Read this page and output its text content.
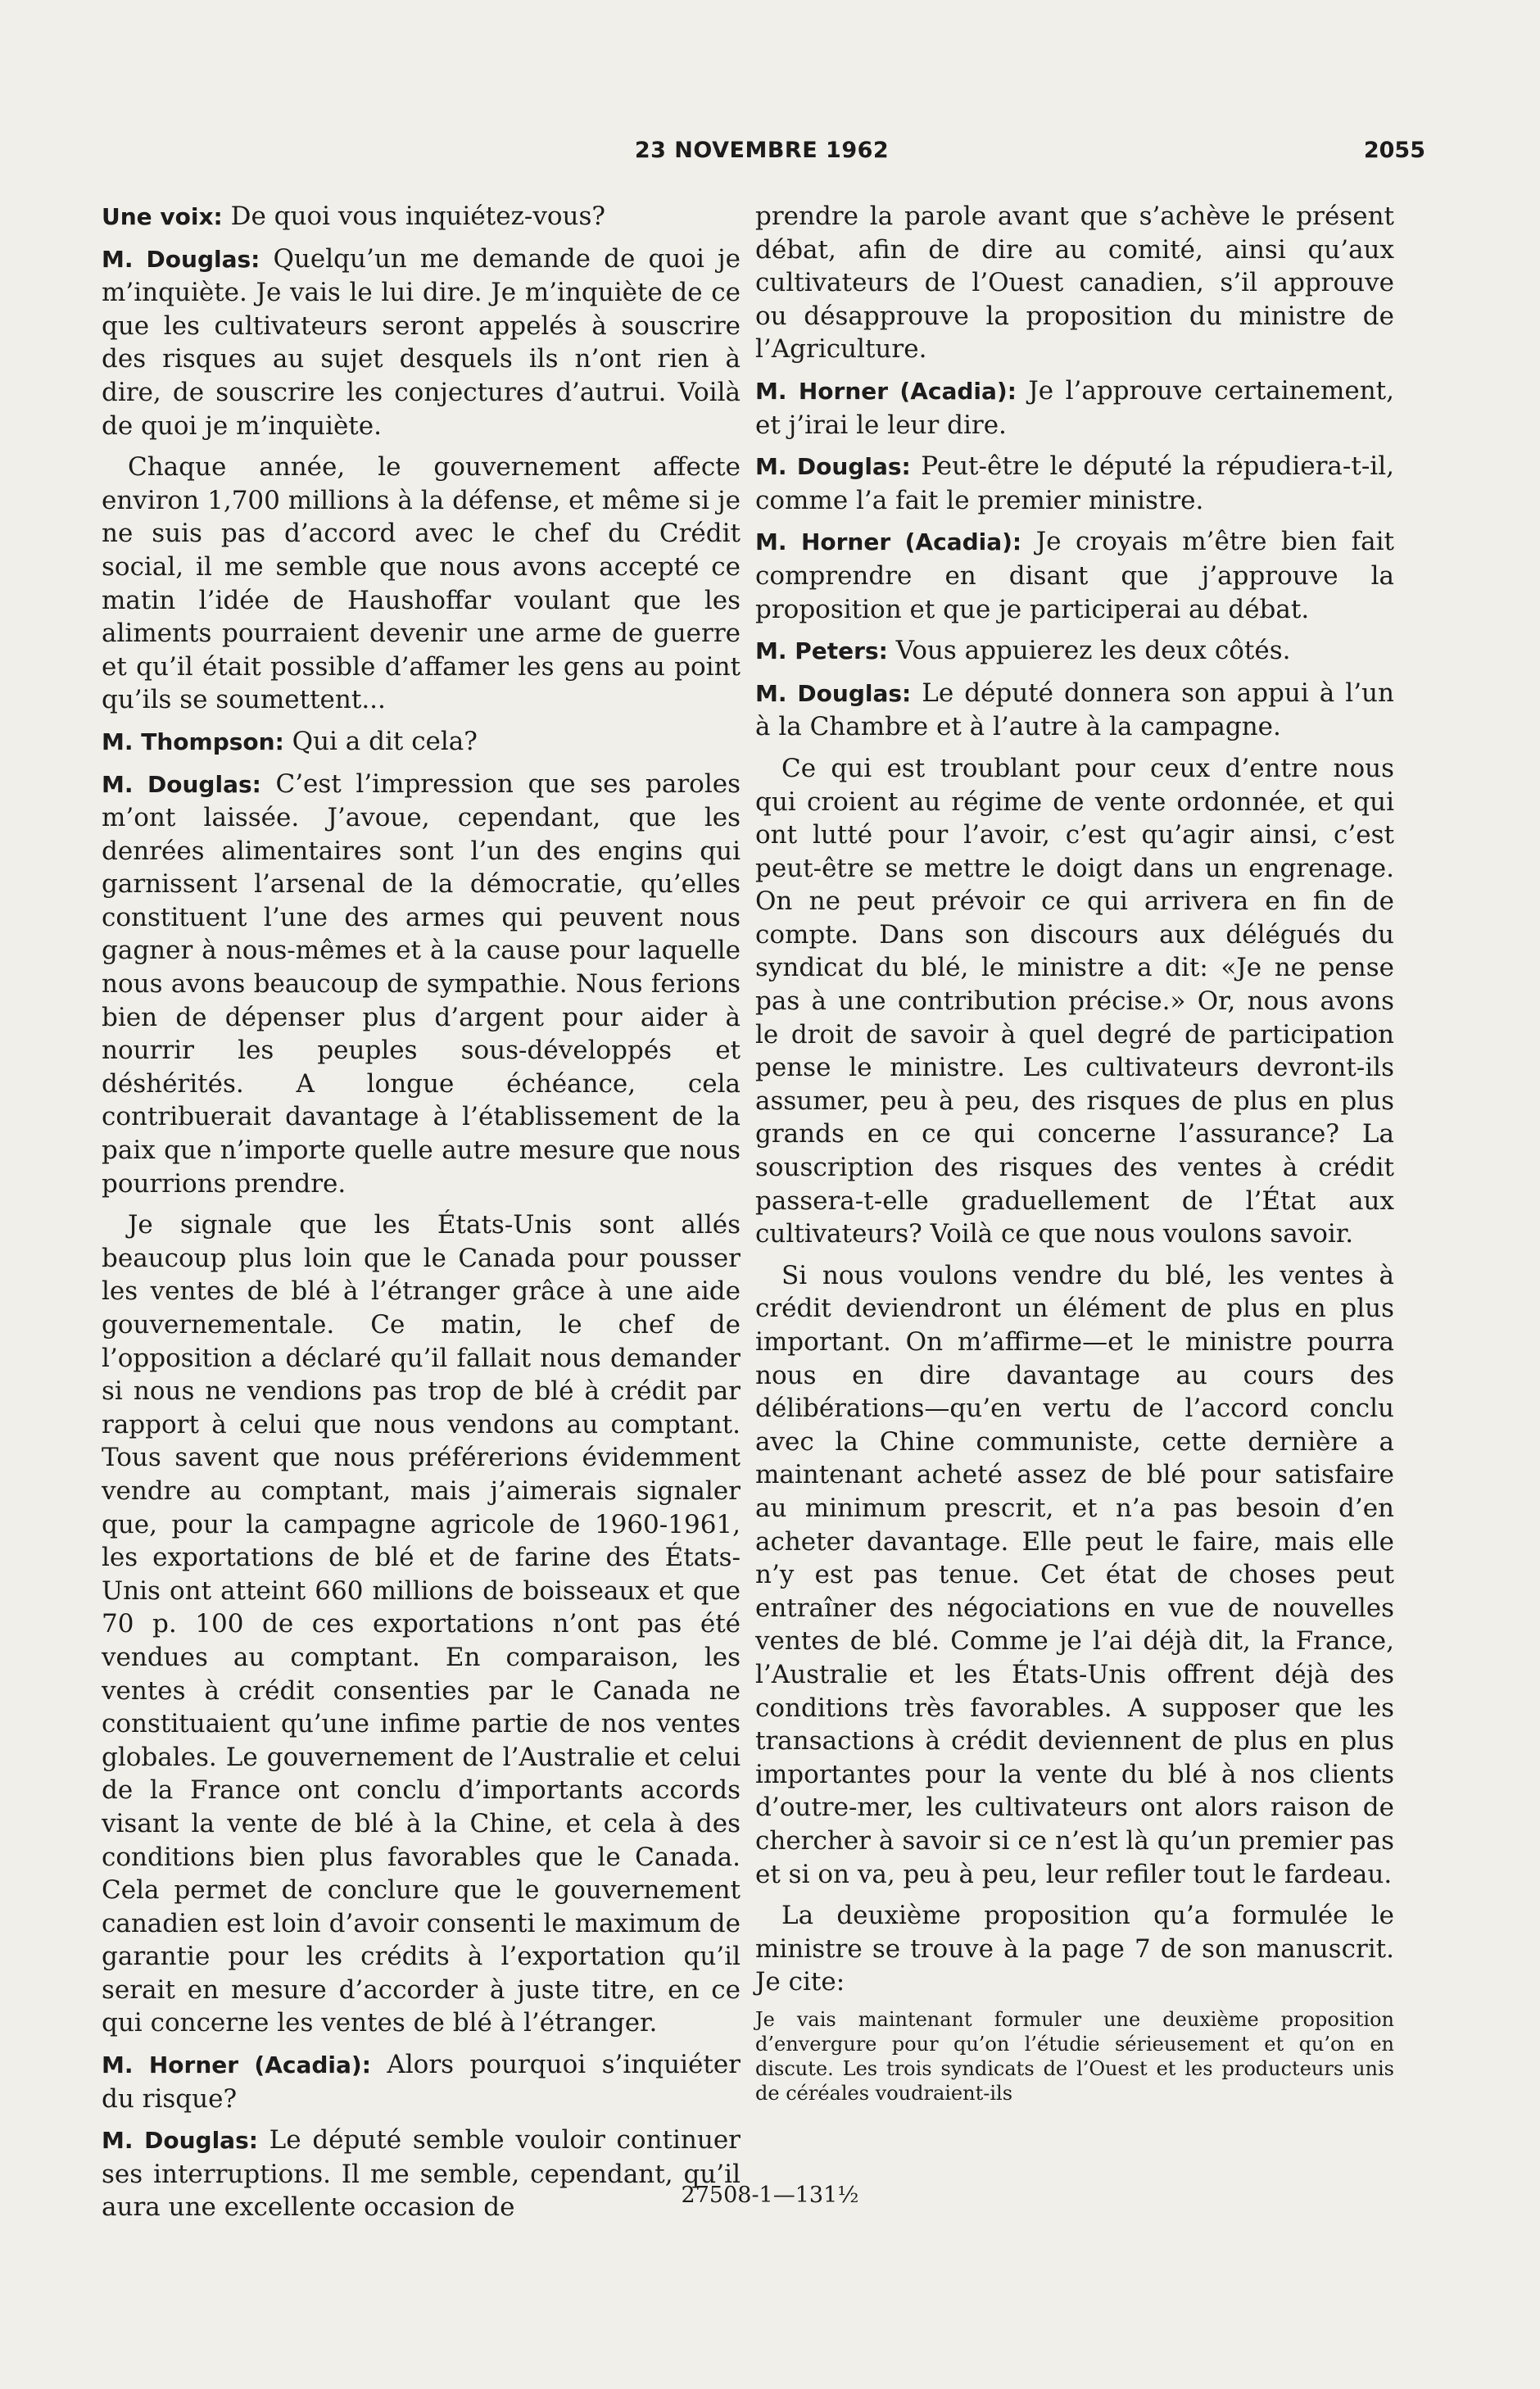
23 NOVEMBRE 1962	2055

Une voix: De quoi vous inquiétez-vous?

M. Douglas: Quelqu’un me demande de quoi je m’inquiète. Je vais le lui dire. Je m’inquiète de ce que les cultivateurs seront appelés à souscrire des risques au sujet desquels ils n’ont rien à dire, de souscrire les conjectures d’autrui. Voilà de quoi je m’inquiète.

Chaque année, le gouvernement affecte environ 1,700 millions à la défense, et même si je ne suis pas d’accord avec le chef du Crédit social, il me semble que nous avons accepté ce matin l’idée de Haushoffar voulant que les aliments pourraient devenir une arme de guerre et qu’il était possible d’affamer les gens au point qu’ils se soumettent...

M. Thompson: Qui a dit cela?

M. Douglas: C’est l’impression que ses paroles m’ont laissée. J’avoue, cependant, que les denrées alimentaires sont l’un des engins qui garnissent l’arsenal de la démocratie, qu’elles constituent l’une des armes qui peuvent nous gagner à nous-mêmes et à la cause pour laquelle nous avons beaucoup de sympathie. Nous ferions bien de dépenser plus d’argent pour aider à nourrir les peuples sous-développés et déshérités. A longue échéance, cela contribuerait davantage à l’établissement de la paix que n’importe quelle autre mesure que nous pourrions prendre.

Je signale que les États-Unis sont allés beaucoup plus loin que le Canada pour pousser les ventes de blé à l’étranger grâce à une aide gouvernementale. Ce matin, le chef de l’opposition a déclaré qu’il fallait nous demander si nous ne vendions pas trop de blé à crédit par rapport à celui que nous vendons au comptant. Tous savent que nous préférerions évidemment vendre au comptant, mais j’aimerais signaler que, pour la campagne agricole de 1960-1961, les exportations de blé et de farine des États-Unis ont atteint 660 millions de boisseaux et que 70 p. 100 de ces exportations n’ont pas été vendues au comptant. En comparaison, les ventes à crédit consenties par le Canada ne constituaient qu’une infime partie de nos ventes globales. Le gouvernement de l’Australie et celui de la France ont conclu d’importants accords visant la vente de blé à la Chine, et cela à des conditions bien plus favorables que le Canada. Cela permet de conclure que le gouvernement canadien est loin d’avoir consenti le maximum de garantie pour les crédits à l’exportation qu’il serait en mesure d’accorder à juste titre, en ce qui concerne les ventes de blé à l’étranger.

M. Horner (Acadia): Alors pourquoi s’inquiéter du risque?

M. Douglas: Le député semble vouloir continuer ses interruptions. Il me semble, cependant, qu’il aura une excellente occasion de

prendre la parole avant que s’achève le présent débat, afin de dire au comité, ainsi qu’aux cultivateurs de l’Ouest canadien, s’il approuve ou désapprouve la proposition du ministre de l’Agriculture.

M. Horner (Acadia): Je l’approuve certainement, et j’irai le leur dire.

M. Douglas: Peut-être le député la répudiera-t-il, comme l’a fait le premier ministre.

M. Horner (Acadia): Je croyais m’être bien fait comprendre en disant que j’approuve la proposition et que je participerai au débat.

M. Peters: Vous appuierez les deux côtés.

M. Douglas: Le député donnera son appui à l’un à la Chambre et à l’autre à la campagne.

Ce qui est troublant pour ceux d’entre nous qui croient au régime de vente ordonnée, et qui ont lutté pour l’avoir, c’est qu’agir ainsi, c’est peut-être se mettre le doigt dans un engrenage. On ne peut prévoir ce qui arrivera en fin de compte. Dans son discours aux délégués du syndicat du blé, le ministre a dit: «Je ne pense pas à une contribution précise.» Or, nous avons le droit de savoir à quel degré de participation pense le ministre. Les cultivateurs devront-ils assumer, peu à peu, des risques de plus en plus grands en ce qui concerne l’assurance? La souscription des risques des ventes à crédit passera-t-elle graduellement de l’État aux cultivateurs? Voilà ce que nous voulons savoir.

Si nous voulons vendre du blé, les ventes à crédit deviendront un élément de plus en plus important. On m’affirme—et le ministre pourra nous en dire davantage au cours des délibérations—qu’en vertu de l’accord conclu avec la Chine communiste, cette dernière a maintenant acheté assez de blé pour satisfaire au minimum prescrit, et n’a pas besoin d’en acheter davantage. Elle peut le faire, mais elle n’y est pas tenue. Cet état de choses peut entraîner des négociations en vue de nouvelles ventes de blé. Comme je l’ai déjà dit, la France, l’Australie et les États-Unis offrent déjà des conditions très favorables. A supposer que les transactions à crédit deviennent de plus en plus importantes pour la vente du blé à nos clients d’outre-mer, les cultivateurs ont alors raison de chercher à savoir si ce n’est là qu’un premier pas et si on va, peu à peu, leur refiler tout le fardeau.

La deuxième proposition qu’a formulée le ministre se trouve à la page 7 de son manuscrit. Je cite:

Je vais maintenant formuler une deuxième proposition d’envergure pour qu’on l’étudie sérieusement et qu’on en discute. Les trois syndicats de l’Ouest et les producteurs unis de céréales voudraient-ils

27508-1—131½
